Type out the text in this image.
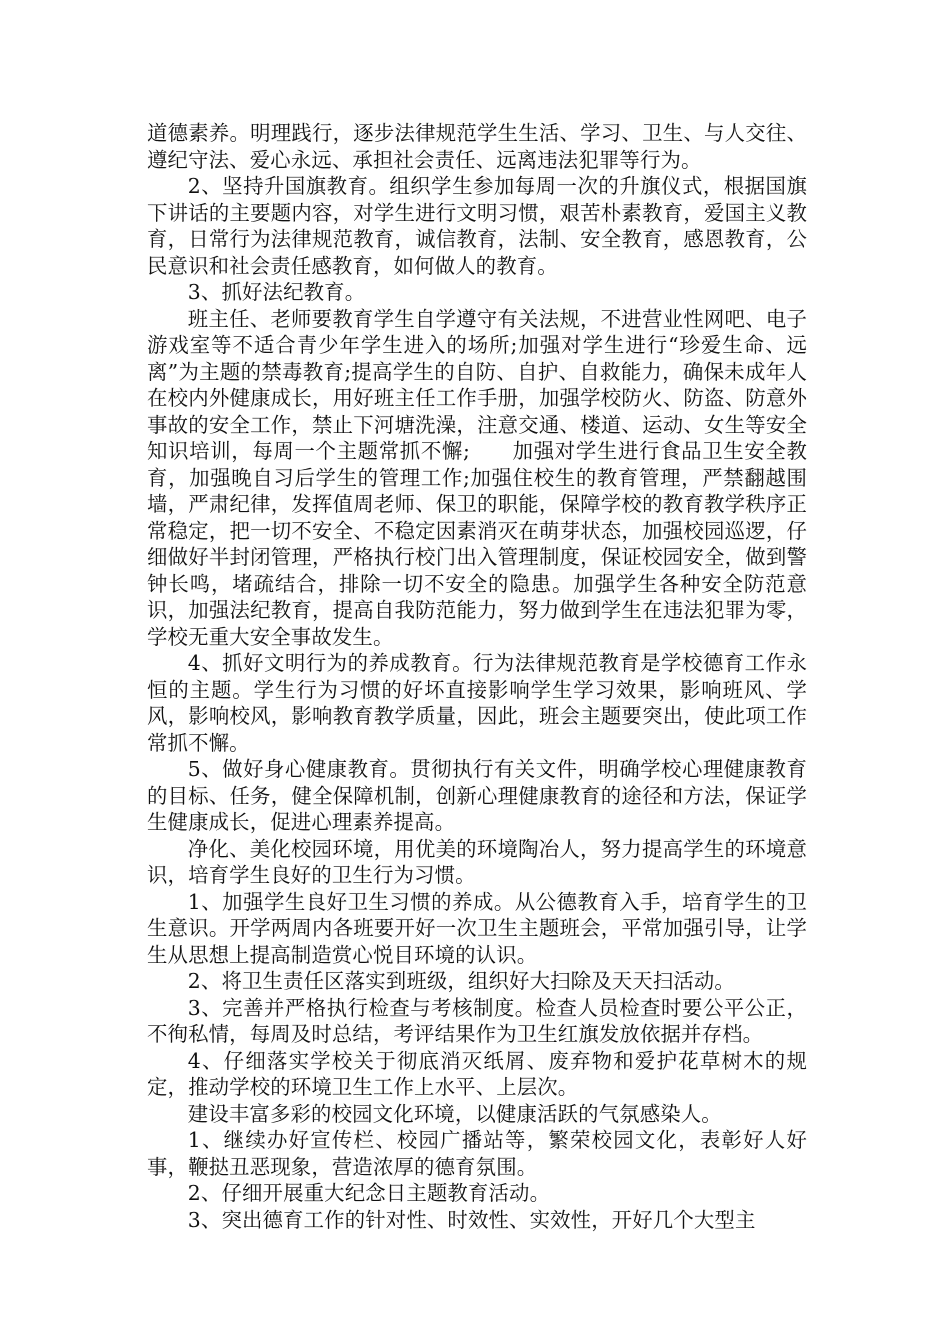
道德素养。明理践行，逐步法律规范学生生活、学习、卫生、与人交往、遵纪守法、爱心永远、承担社会责任、远离违法犯罪等行为。

2、坚持升国旗教育。组织学生参加每周一次的升旗仪式，根据国旗下讲话的主要题内容，对学生进行文明习惯，艰苦朴素教育，爱国主义教育，日常行为法律规范教育，诚信教育，法制、安全教育，感恩教育，公民意识和社会责任感教育，如何做人的教育。

3、抓好法纪教育。

班主任、老师要教育学生自学遵守有关法规，不进营业性网吧、电子游戏室等不适合青少年学生进入的场所;加强对学生进行“珍爱生命、远离”为主题的禁毒教育;提高学生的自防、自护、自救能力，确保未成年人在校内外健康成长，用好班主任工作手册，加强学校防火、防盗、防意外事故的安全工作，禁止下河塘洗澡，注意交通、楼道、运动、女生等安全知识培训，每周一个主题常抓不懈;　　加强对学生进行食品卫生安全教育，加强晚自习后学生的管理工作;加强住校生的教育管理，严禁翻越围墙，严肃纪律，发挥值周老师、保卫的职能，保障学校的教育教学秩序正常稳定，把一切不安全、不稳定因素消灭在萌芽状态，加强校园巡逻，仔细做好半封闭管理，严格执行校门出入管理制度，保证校园安全，做到警钟长鸣，堵疏结合，排除一切不安全的隐患。加强学生各种安全防范意识，加强法纪教育，提高自我防范能力，努力做到学生在违法犯罪为零，学校无重大安全事故发生。

4、抓好文明行为的养成教育。行为法律规范教育是学校德育工作永恒的主题。学生行为习惯的好坏直接影响学生学习效果，影响班风、学风，影响校风，影响教育教学质量，因此，班会主题要突出，使此项工作常抓不懈。

5、做好身心健康教育。贯彻执行有关文件，明确学校心理健康教育的目标、任务，健全保障机制，创新心理健康教育的途径和方法，保证学生健康成长，促进心理素养提高。

净化、美化校园环境，用优美的环境陶冶人，努力提高学生的环境意识，培育学生良好的卫生行为习惯。

1、加强学生良好卫生习惯的养成。从公德教育入手，培育学生的卫生意识。开学两周内各班要开好一次卫生主题班会，平常加强引导，让学生从思想上提高制造赏心悦目环境的认识。

2、将卫生责任区落实到班级，组织好大扫除及天天扫活动。

3、完善并严格执行检查与考核制度。检查人员检查时要公平公正，不徇私情，每周及时总结，考评结果作为卫生红旗发放依据并存档。

4、仔细落实学校关于彻底消灭纸屑、废弃物和爱护花草树木的规定，推动学校的环境卫生工作上水平、上层次。

建设丰富多彩的校园文化环境，以健康活跃的气氛感染人。

1、继续办好宣传栏、校园广播站等，繁荣校园文化，表彰好人好事，鞭挞丑恶现象，营造浓厚的德育氛围。

2、仔细开展重大纪念日主题教育活动。

3、突出德育工作的针对性、时效性、实效性，开好几个大型主
